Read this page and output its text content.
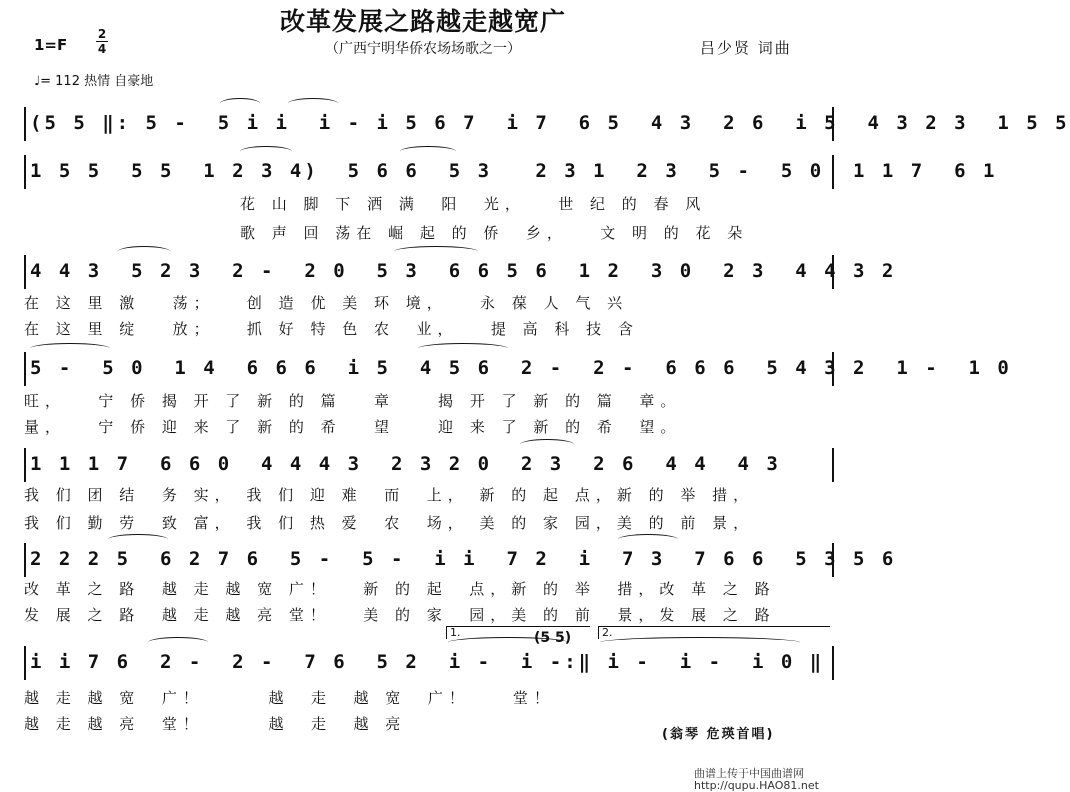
改革发展之路越走越宽广
（广西宁明华侨农场场歌之一）
1=F
2
4
♩= 112 热情 自豪地
吕少贤 词曲
(5 5 ‖: 5 -  5 i i  i - i 5 6 7  i 7  6 5  4 3  2 6  i 5  4 3 2 3  1 5 5
1 5 5  5 5  1 2 3 4)  5 6 6  5 3   2 3 1  2 3  5 -  5 0  1 1 7  6 1
花 山 脚 下 洒 满  阳  光，   世 纪 的 春 风
歌 声 回 荡在 崛 起 的 侨  乡，   文 明 的 花 朵
4 4 3  5 2 3  2 -  2 0  5 3  6 6 5 6  1 2  3 0  2 3  4 4 3 2
在 这 里 激   荡；   创 造 优 美 环 境，   永 葆 人 气 兴
在 这 里 绽   放；   抓 好 特 色 农  业，   提 高 科 技 含
5 -  5 0  1 4  6 6 6  i 5  4 5 6  2 -  2 -  6 6 6  5 4 3 2  1 -  1 0
旺，   宁 侨 揭 开 了 新 的 篇   章    揭 开 了 新 的 篇  章。
量，   宁 侨 迎 来 了 新 的 希   望    迎 来 了 新 的 希  望。
1 1 1 7  6 6 0  4 4 4 3  2 3 2 0  2 3  2 6  4 4  4 3
我 们 团 结  务 实， 我 们 迎 难  而  上， 新 的 起 点，新 的 举 措，
我 们 勤 劳  致 富， 我 们 热 爱  农  场， 美 的 家 园，美 的 前 景，
2 2 2 5  6 2 7 6  5 -  5 -  i i  7 2  i  7 3  7 6 6  5 3 5 6
改 革 之 路  越 走 越 宽 广！   新 的 起  点，新 的 举  措，改 革 之 路
发 展 之 路  越 走 越 亮 堂！   美 的 家  园，美 的 前  景，发 展 之 路
1.	(5 5)	2.
i i 7 6  2 -  2 -  7 6  5 2  i -  i -:‖ i -  i -  i 0 ‖
越 走 越 宽  广！      越  走  越 宽  广！    堂！
越 走 越 亮  堂！      越  走  越 亮
(翁琴 危瑛首唱)
曲谱上传于中国曲谱网
http://qupu.HAO81.net
